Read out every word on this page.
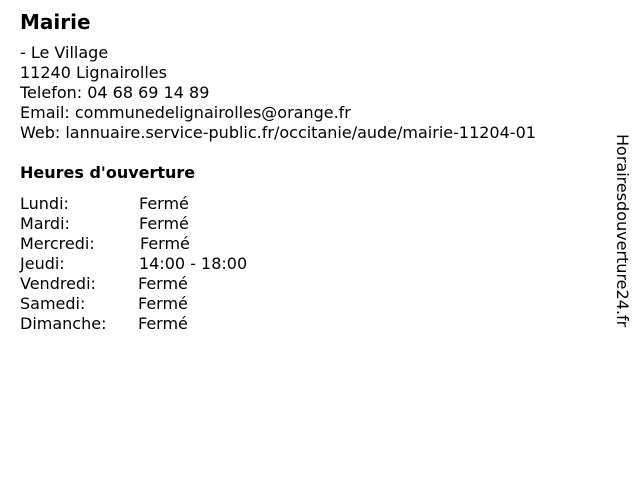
Mairie
- Le Village
11240 Lignairolles
Telefon: 04 68 69 14 89
Email: communedelignairolles@orange.fr
Web: lannuaire.service-public.fr/occitanie/aude/mairie-11204-01
Heures d'ouverture
Lundi:	Fermé
Mardi:	Fermé
Mercredi:	Fermé
Jeudi:	14:00 - 18:00
Vendredi:	Fermé
Samedi:	Fermé
Dimanche: Fermé	Horairesdouverture24.fr
